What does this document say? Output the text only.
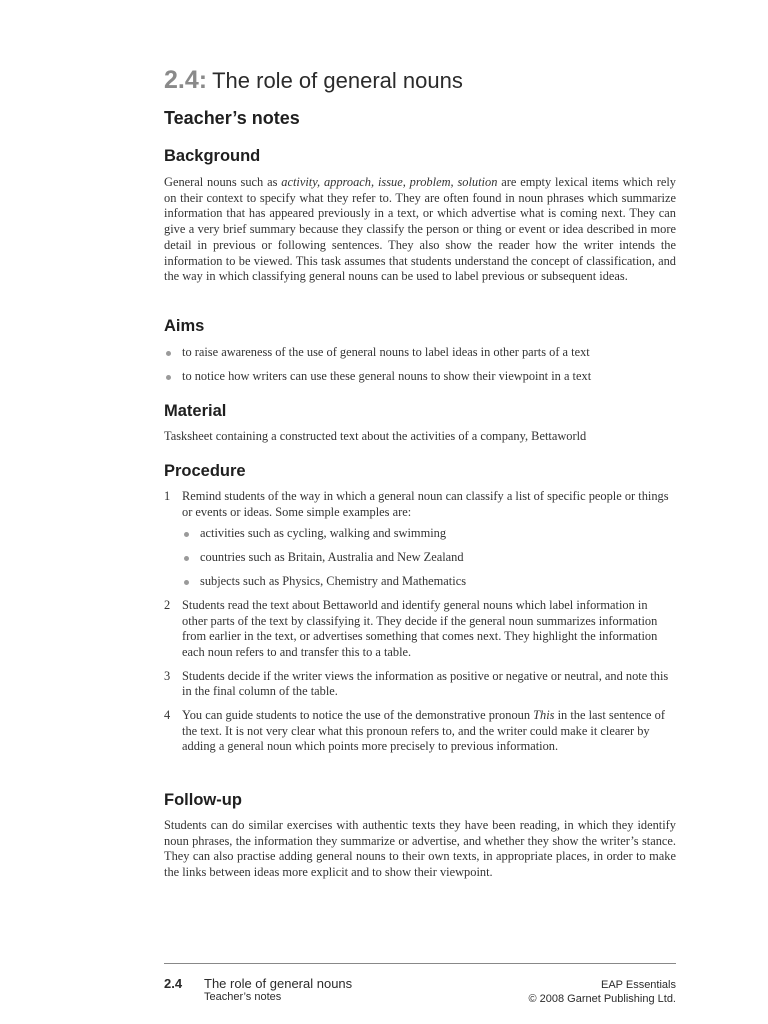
2.4: The role of general nouns
Teacher’s notes
Background
General nouns such as activity, approach, issue, problem, solution are empty lexical items which rely on their context to specify what they refer to. They are often found in noun phrases which summarize information that has appeared previously in a text, or which advertise what is coming next. They can give a very brief summary because they classify the person or thing or event or idea described in more detail in previous or following sentences. They also show the reader how the writer intends the information to be viewed. This task assumes that students understand the concept of classification, and the way in which classifying general nouns can be used to label previous or subsequent ideas.
Aims
to raise awareness of the use of general nouns to label ideas in other parts of a text
to notice how writers can use these general nouns to show their viewpoint in a text
Material
Tasksheet containing a constructed text about the activities of a company, Bettaworld
Procedure
1 Remind students of the way in which a general noun can classify a list of specific people or things or events or ideas. Some simple examples are:
activities such as cycling, walking and swimming
countries such as Britain, Australia and New Zealand
subjects such as Physics, Chemistry and Mathematics
2 Students read the text about Bettaworld and identify general nouns which label information in other parts of the text by classifying it. They decide if the general noun summarizes information from earlier in the text, or advertises something that comes next. They highlight the information each noun refers to and transfer this to a table.
3 Students decide if the writer views the information as positive or negative or neutral, and note this in the final column of the table.
4 You can guide students to notice the use of the demonstrative pronoun This in the last sentence of the text. It is not very clear what this pronoun refers to, and the writer could make it clearer by adding a general noun which points more precisely to previous information.
Follow-up
Students can do similar exercises with authentic texts they have been reading, in which they identify noun phrases, the information they summarize or advertise, and whether they show the writer’s stance. They can also practise adding general nouns to their own texts, in appropriate places, in order to make the links between ideas more explicit and to show their viewpoint.
2.4 The role of general nouns
Teacher’s notes
EAP Essentials
© 2008 Garnet Publishing Ltd.
